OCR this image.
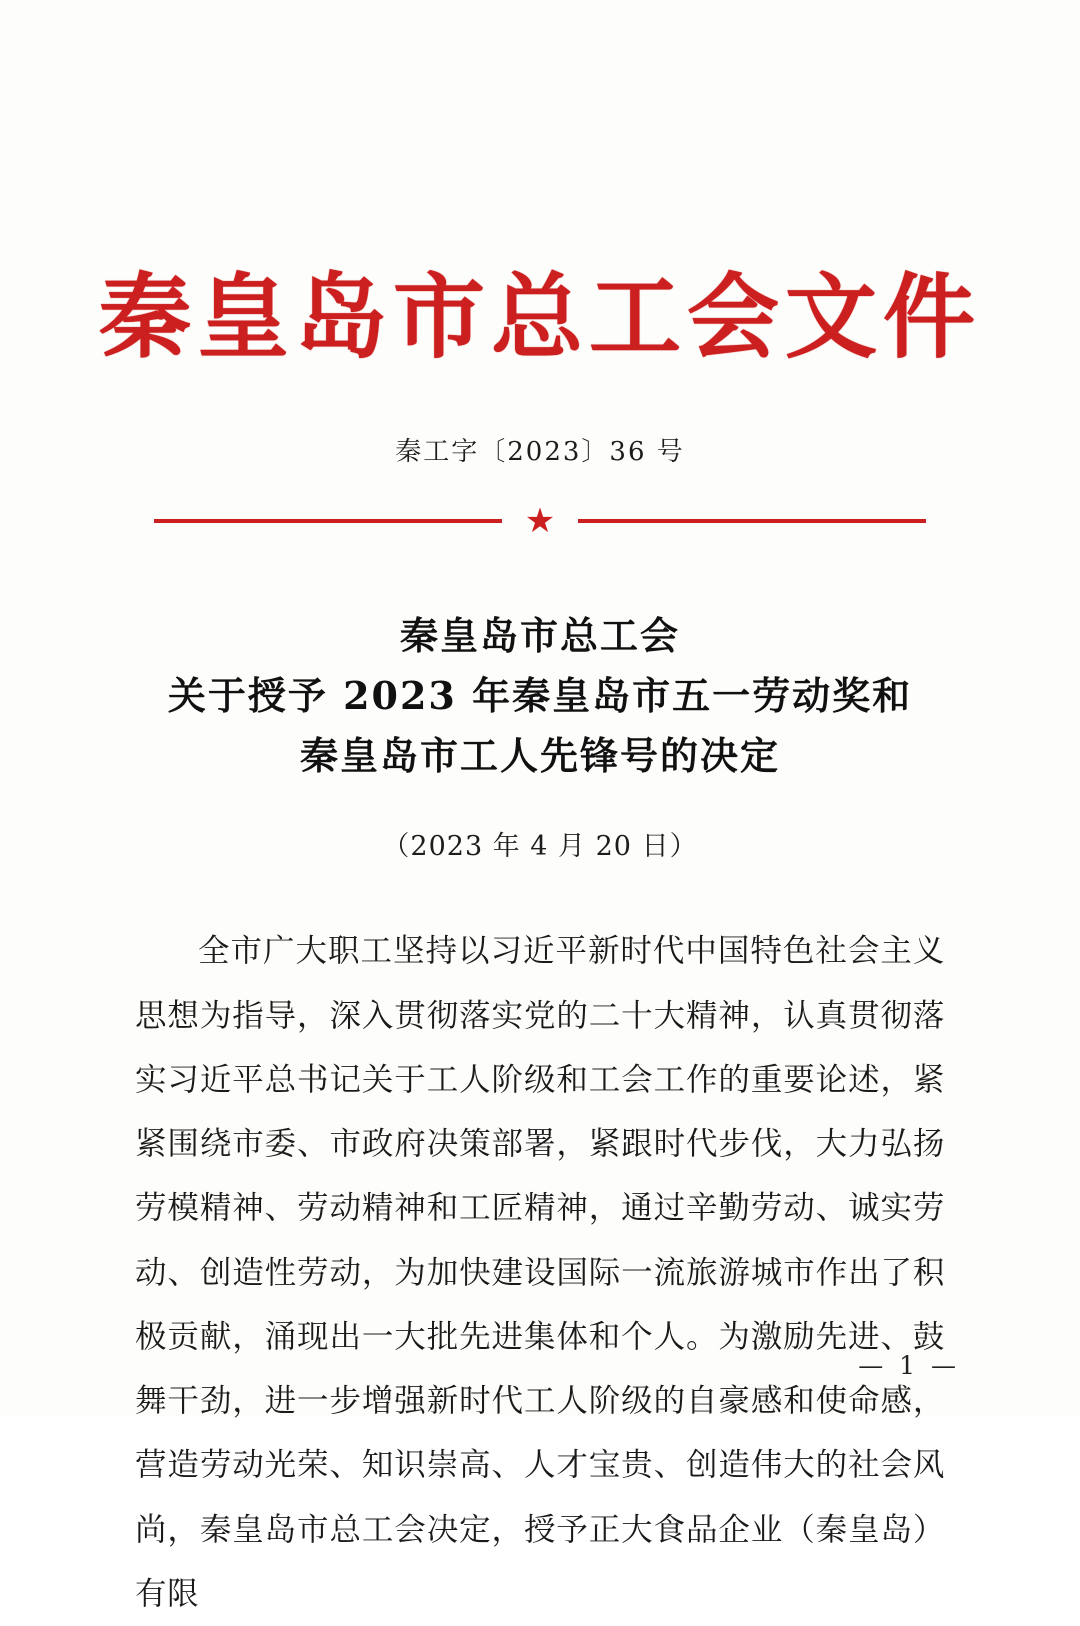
秦皇岛市总工会文件
秦工字〔2023〕36 号
★
秦皇岛市总工会
关于授予 2023 年秦皇岛市五一劳动奖和
秦皇岛市工人先锋号的决定
（2023 年 4 月 20 日）

全市广大职工坚持以习近平新时代中国特色社会主义思想为指导，深入贯彻落实党的二十大精神，认真贯彻落实习近平总书记关于工人阶级和工会工作的重要论述，紧紧围绕市委、市政府决策部署，紧跟时代步伐，大力弘扬劳模精神、劳动精神和工匠精神，通过辛勤劳动、诚实劳动、创造性劳动，为加快建设国际一流旅游城市作出了积极贡献，涌现出一大批先进集体和个人。为激励先进、鼓舞干劲，进一步增强新时代工人阶级的自豪感和使命感，营造劳动光荣、知识崇高、人才宝贵、创造伟大的社会风尚，秦皇岛市总工会决定，授予正大食品企业（秦皇岛）有限

— 1 —
